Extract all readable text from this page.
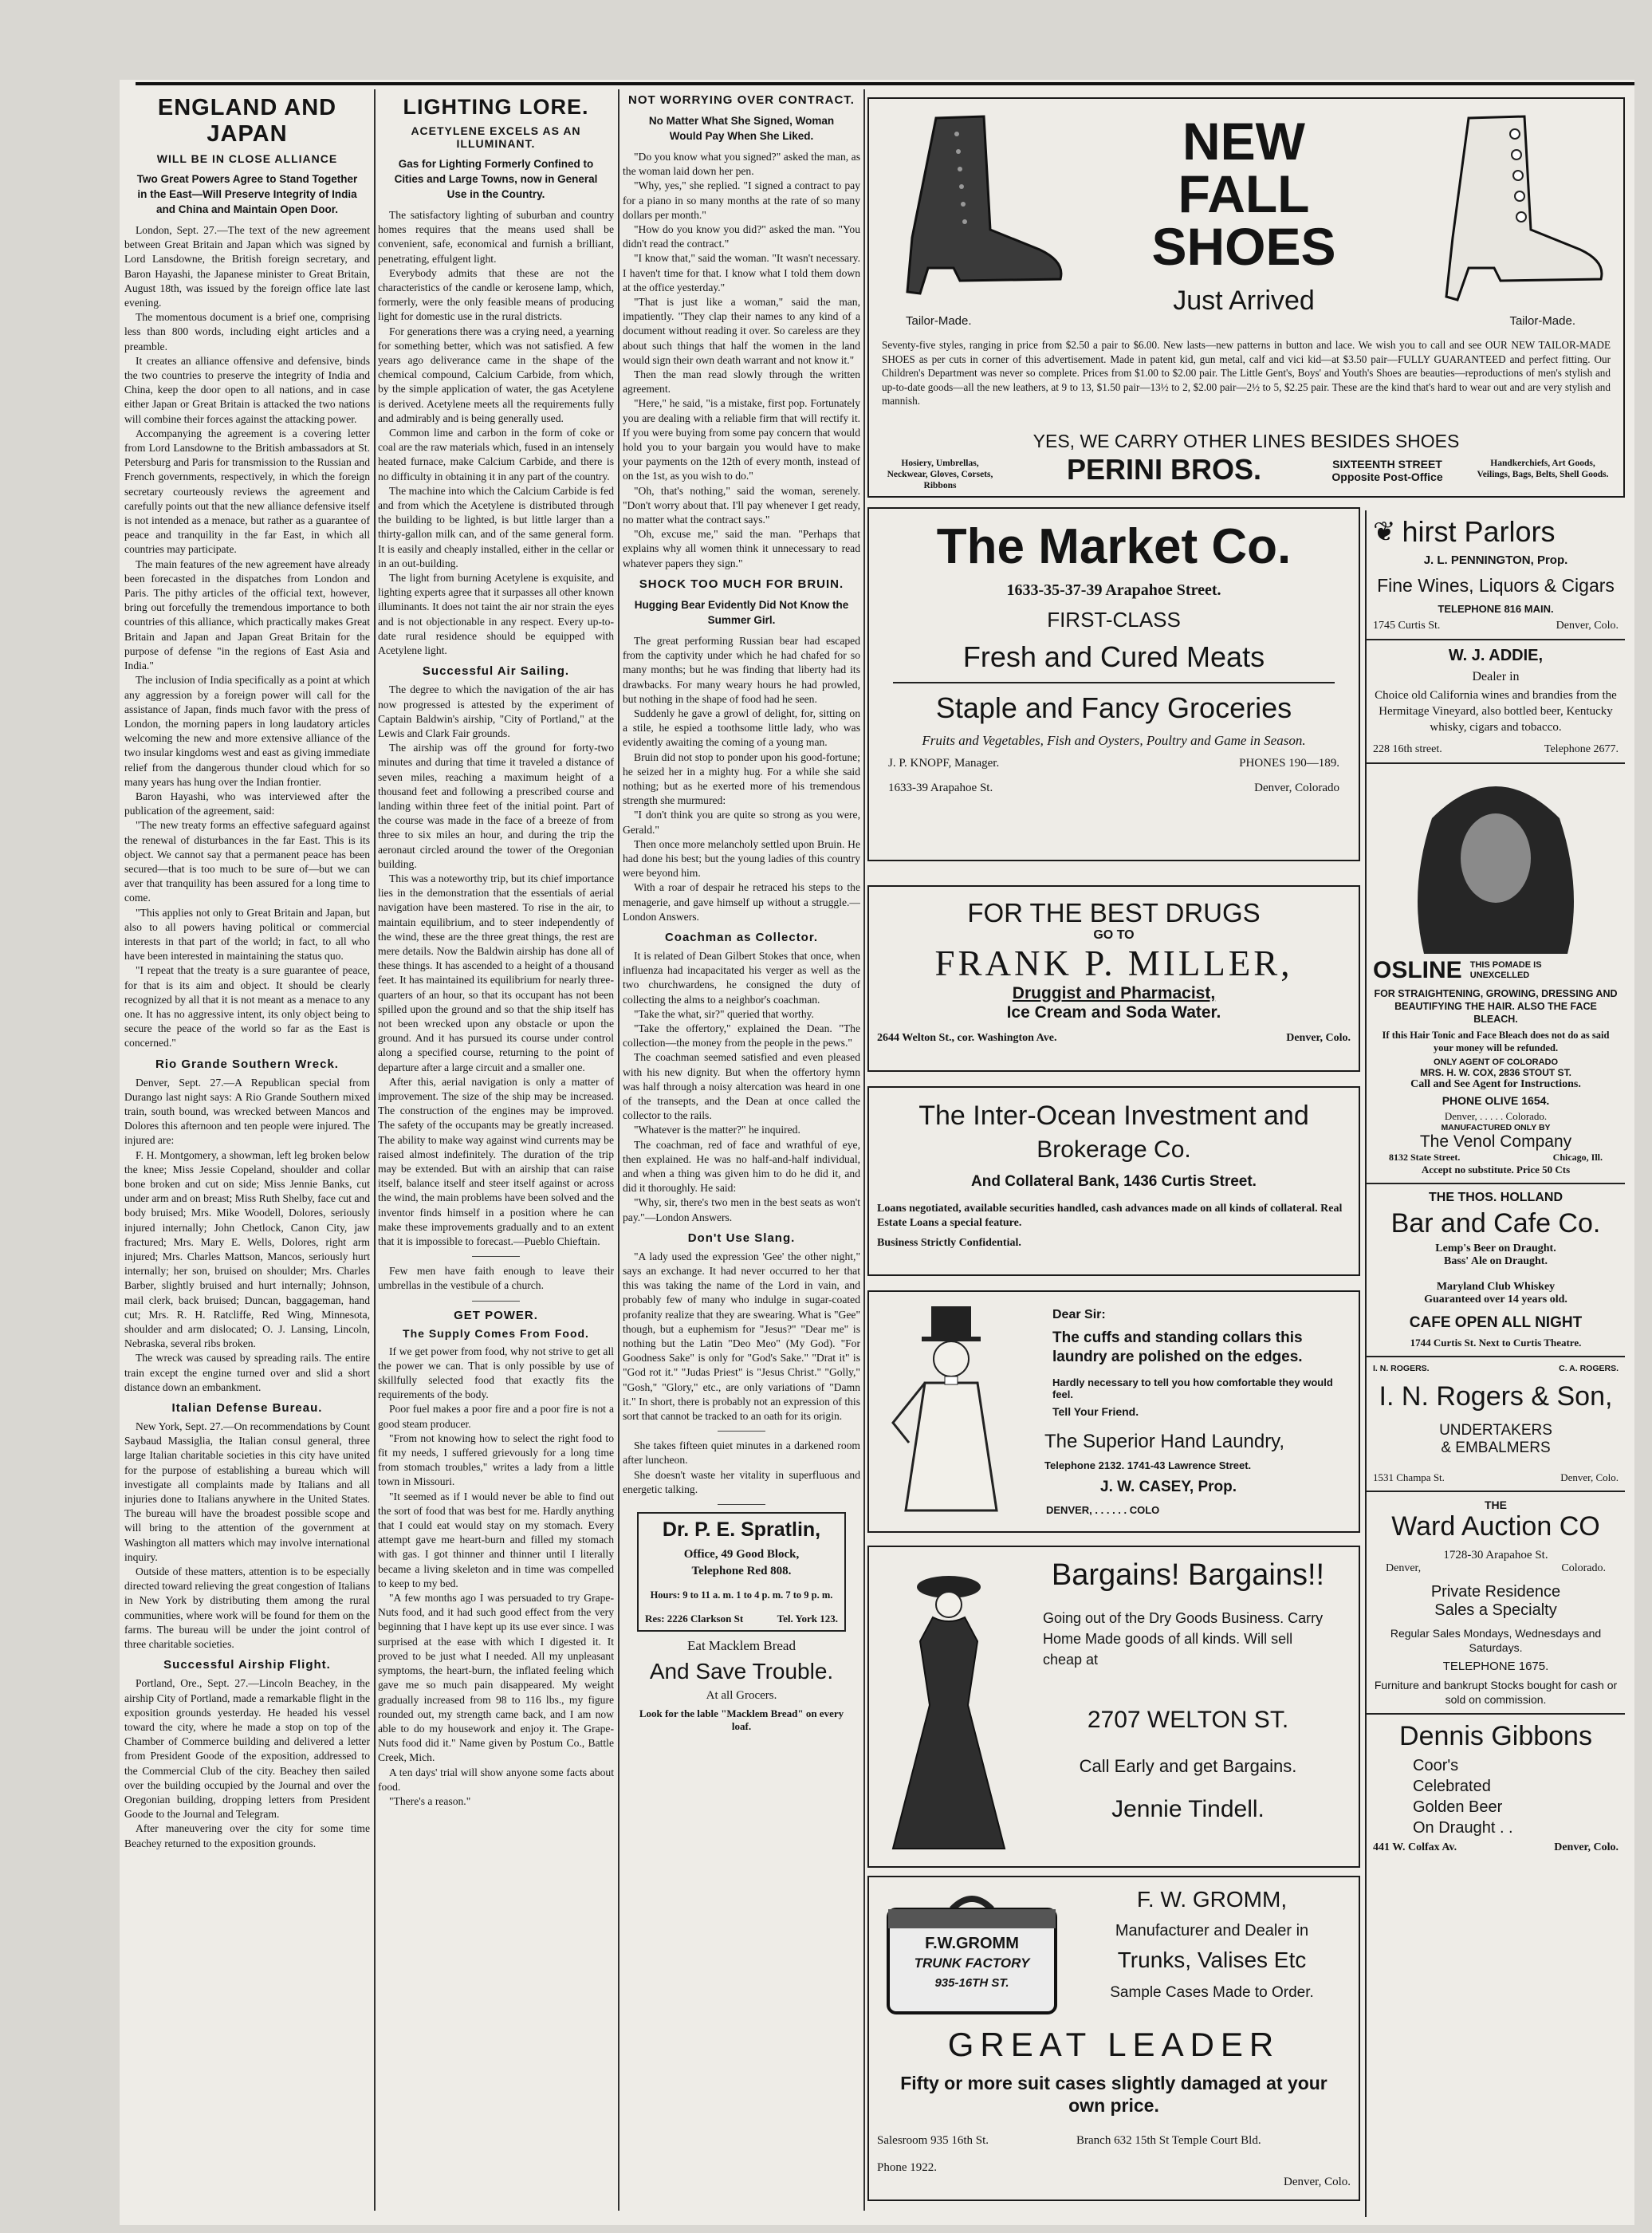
ENGLAND AND JAPAN
WILL BE IN CLOSE ALLIANCE
Two Great Powers Agree to Stand Together in the East—Will Preserve Integrity of India and China and Maintain Open Door.

London, Sept. 27.—The text of the new agreement between Great Britain and Japan which was signed by Lord Lansdowne, the British foreign secretary, and Baron Hayashi, the Japanese minister to Great Britain, August 18th, was issued by the foreign office late last evening.

The momentous document is a brief one, comprising less than 800 words, including eight articles and a preamble.

It creates an alliance offensive and defensive, binds the two countries to preserve the integrity of India and China, keep the door open to all nations, and in case either Japan or Great Britain is attacked the two nations will combine their forces against the attacking power.

Accompanying the agreement is a covering letter from Lord Lansdowne to the British ambassadors at St. Petersburg and Paris for transmission to the Russian and French governments, respectively, in which the foreign secretary courteously reviews the agreement and carefully points out that the new alliance defensive itself is not intended as a menace, but rather as a guarantee of peace and tranquility in the far East, in which all countries may participate.

The main features of the new agreement have already been forecasted in the dispatches from London and Paris. The pithy articles of the official text, however, bring out forcefully the tremendous importance to both countries of this alliance, which practically makes Great Britain and Japan and Japan Great Britain for the purpose of defense "in the regions of East Asia and India."

The inclusion of India specifically as a point at which any aggression by a foreign power will call for the assistance of Japan, finds much favor with the press of London, the morning papers in long laudatory articles welcoming the new and more extensive alliance of the two insular kingdoms west and east as giving immediate relief from the dangerous thunder cloud which for so many years has hung over the Indian frontier.

Baron Hayashi, who was interviewed after the publication of the agreement, said:

"The new treaty forms an effective safeguard against the renewal of disturbances in the far East. This is its object. We cannot say that a permanent peace has been secured—that is too much to be sure of—but we can aver that tranquility has been assured for a long time to come.

"This applies not only to Great Britain and Japan, but also to all powers having political or commercial interests in that part of the world; in fact, to all who have been interested in maintaining the status quo.

"I repeat that the treaty is a sure guarantee of peace, for that is its aim and object. It should be clearly recognized by all that it is not meant as a menace to any one. It has no aggressive intent, its only object being to secure the peace of the world so far as the East is concerned."

Rio Grande Southern Wreck.

Denver, Sept. 27.—A Republican special from Durango last night says: A Rio Grande Southern mixed train, south bound, was wrecked between Mancos and Dolores this afternoon and ten people were injured. The injured are:

F. H. Montgomery, a showman, left leg broken below the knee; Miss Jessie Copeland, shoulder and collar bone broken and cut on side; Miss Jennie Banks, cut under arm and on breast; Miss Ruth Shelby, face cut and body bruised; Mrs. Mike Woodell, Dolores, seriously injured internally; John Chetlock, Canon City, jaw fractured; Mrs. Mary E. Wells, Dolores, right arm injured; Mrs. Charles Mattson, Mancos, seriously hurt internally; her son, bruised on shoulder; Mrs. Charles Barber, slightly bruised and hurt internally; Johnson, mail clerk, back bruised; Duncan, baggageman, hand cut; Mrs. R. H. Ratcliffe, Red Wing, Minnesota, shoulder and arm dislocated; O. J. Lansing, Lincoln, Nebraska, several ribs broken.

The wreck was caused by spreading rails. The entire train except the engine turned over and slid a short distance down an embankment.

Italian Defense Bureau.

New York, Sept. 27.—On recommendations by Count Saybaud Massiglia, the Italian consul general, three large Italian charitable societies in this city have united for the purpose of establishing a bureau which will investigate all complaints made by Italians and all injuries done to Italians anywhere in the United States. The bureau will have the broadest possible scope and will bring to the attention of the government at Washington all matters which may involve international inquiry.

Outside of these matters, attention is to be especially directed toward relieving the great congestion of Italians in New York by distributing them among the rural communities, where work will be found for them on the farms. The bureau will be under the joint control of three charitable societies.

Successful Airship Flight.

Portland, Ore., Sept. 27.—Lincoln Beachey, in the airship City of Portland, made a remarkable flight in the exposition grounds yesterday. He headed his vessel toward the city, where he made a stop on top of the Chamber of Commerce building and delivered a letter from President Goode of the exposition, addressed to the Commercial Club of the city. Beachey then sailed over the building occupied by the Journal and over the Oregonian building, dropping letters from President Goode to the Journal and Telegram.

After maneuvering over the city for some time Beachey returned to the exposition grounds.

LIGHTING LORE.
ACETYLENE EXCELS AS AN ILLUMINANT.
Gas for Lighting Formerly Confined to Cities and Large Towns, now in General Use in the Country.

The satisfactory lighting of suburban and country homes requires that the means used shall be convenient, safe, economical and furnish a brilliant, penetrating, effulgent light.

Everybody admits that these are not the characteristics of the candle or kerosene lamp, which, formerly, were the only feasible means of producing light for domestic use in the rural districts.

For generations there was a crying need, a yearning for something better, which was not satisfied. A few years ago deliverance came in the shape of the chemical compound, Calcium Carbide, from which, by the simple application of water, the gas Acetylene is derived. Acetylene meets all the requirements fully and admirably and is being generally used.

Common lime and carbon in the form of coke or coal are the raw materials which, fused in an intensely heated furnace, make Calcium Carbide, and there is no difficulty in obtaining it in any part of the country.

The machine into which the Calcium Carbide is fed and from which the Acetylene is distributed through the building to be lighted, is but little larger than a thirty-gallon milk can, and of the same general form. It is easily and cheaply installed, either in the cellar or in an out-building.

The light from burning Acetylene is exquisite, and lighting experts agree that it surpasses all other known illuminants. It does not taint the air nor strain the eyes and is not objectionable in any respect. Every up-to-date rural residence should be equipped with Acetylene light.

Successful Air Sailing.

The degree to which the navigation of the air has now progressed is attested by the experiment of Captain Baldwin's airship, "City of Portland," at the Lewis and Clark Fair grounds.

The airship was off the ground for forty-two minutes and during that time it traveled a distance of seven miles, reaching a maximum height of a thousand feet and following a prescribed course and landing within three feet of the initial point. Part of the course was made in the face of a breeze of from three to six miles an hour, and during the trip the aeronaut circled around the tower of the Oregonian building.

This was a noteworthy trip, but its chief importance lies in the demonstration that the essentials of aerial navigation have been mastered. To rise in the air, to maintain equilibrium, and to steer independently of the wind, these are the three great things, the rest are mere details. Now the Baldwin airship has done all of these things. It has ascended to a height of a thousand feet. It has maintained its equilibrium for nearly three-quarters of an hour, so that its occupant has not been spilled upon the ground and so that the ship itself has not been wrecked upon any obstacle or upon the ground. And it has pursued its course under control along a specified course, returning to the point of departure after a large circuit and a smaller one.

After this, aerial navigation is only a matter of improvement. The size of the ship may be increased. The construction of the engines may be improved. The safety of the occupants may be greatly increased. The ability to make way against wind currents may be raised almost indefinitely. The duration of the trip may be extended. But with an airship that can raise itself, balance itself and steer itself against or across the wind, the main problems have been solved and the inventor finds himself in a position where he can make these improvements gradually and to an extent that it is impossible to forecast.—Pueblo Chieftain.

Few men have faith enough to leave their umbrellas in the vestibule of a church.

GET POWER.
The Supply Comes From Food.

If we get power from food, why not strive to get all the power we can. That is only possible by use of skillfully selected food that exactly fits the requirements of the body.

Poor fuel makes a poor fire and a poor fire is not a good steam producer.

"From not knowing how to select the right food to fit my needs, I suffered grievously for a long time from stomach troubles," writes a lady from a little town in Missouri.

"It seemed as if I would never be able to find out the sort of food that was best for me. Hardly anything that I could eat would stay on my stomach. Every attempt gave me heart-burn and filled my stomach with gas. I got thinner and thinner until I literally became a living skeleton and in time was compelled to keep to my bed.

"A few months ago I was persuaded to try Grape-Nuts food, and it had such good effect from the very beginning that I have kept up its use ever since. I was surprised at the ease with which I digested it. It proved to be just what I needed. All my unpleasant symptoms, the heart-burn, the inflated feeling which gave me so much pain disappeared. My weight gradually increased from 98 to 116 lbs., my figure rounded out, my strength came back, and I am now able to do my housework and enjoy it. The Grape-Nuts food did it." Name given by Postum Co., Battle Creek, Mich.

A ten days' trial will show anyone some facts about food.

"There's a reason."

NOT WORRYING OVER CONTRACT.
No Matter What She Signed, Woman Would Pay When She Liked.

"Do you know what you signed?" asked the man, as the woman laid down her pen.

"Why, yes," she replied. "I signed a contract to pay for a piano in so many months at the rate of so many dollars per month."

"How do you know you did?" asked the man. "You didn't read the contract."

"I know that," said the woman. "It wasn't necessary. I haven't time for that. I know what I told them down at the office yesterday."

"That is just like a woman," said the man, impatiently. "They clap their names to any kind of a document without reading it over. So careless are they about such things that half the women in the land would sign their own death warrant and not know it."

Then the man read slowly through the written agreement.

"Here," he said, "is a mistake, first pop. Fortunately you are dealing with a reliable firm that will rectify it. If you were buying from some pay concern that would hold you to your bargain you would have to make your payments on the 12th of every month, instead of on the 1st, as you wish to do."

"Oh, that's nothing," said the woman, serenely. "Don't worry about that. I'll pay whenever I get ready, no matter what the contract says."

"Oh, excuse me," said the man. "Perhaps that explains why all women think it unnecessary to read whatever papers they sign."

SHOCK TOO MUCH FOR BRUIN.
Hugging Bear Evidently Did Not Know the Summer Girl.

The great performing Russian bear had escaped from the captivity under which he had chafed for so many months; but he was finding that liberty had its drawbacks. For many weary hours he had prowled, but nothing in the shape of food had he seen.

Suddenly he gave a growl of delight, for, sitting on a stile, he espied a toothsome little lady, who was evidently awaiting the coming of a young man.

Bruin did not stop to ponder upon his good-fortune; he seized her in a mighty hug. For a while she said nothing; but as he exerted more of his tremendous strength she murmured:

"I don't think you are quite so strong as you were, Gerald."

Then once more melancholy settled upon Bruin. He had done his best; but the young ladies of this country were beyond him.

With a roar of despair he retraced his steps to the menagerie, and gave himself up without a struggle.—London Answers.

Coachman as Collector.

It is related of Dean Gilbert Stokes that once, when influenza had incapacitated his verger as well as the two churchwardens, he consigned the duty of collecting the alms to a neighbor's coachman.

"Take the what, sir?" queried that worthy.

"Take the offertory," explained the Dean. "The collection—the money from the people in the pews."

The coachman seemed satisfied and even pleased with his new dignity. But when the offertory hymn was half through a noisy altercation was heard in one of the transepts, and the Dean at once called the collector to the rails.

"Whatever is the matter?" he inquired.

The coachman, red of face and wrathful of eye, then explained. He was no half-and-half individual, and when a thing was given him to do he did it, and did it thoroughly. He said:

"Why, sir, there's two men in the best seats as won't pay."—London Answers.

Don't Use Slang.

"A lady used the expression 'Gee' the other night," says an exchange. It had never occurred to her that this was taking the name of the Lord in vain, and probably few of many who indulge in sugar-coated profanity realize that they are swearing. What is "Gee" though, but a euphemism for "Jesus?" "Dear me" is nothing but the Latin "Deo Meo" (My God). "For Goodness Sake" is only for "God's Sake." "Drat it" is "God rot it." "Judas Priest" is "Jesus Christ." "Golly," "Gosh," "Glory," etc., are only variations of "Damn it." In short, there is probably not an expression of this sort that cannot be tracked to an oath for its origin.

She takes fifteen quiet minutes in a darkened room after luncheon.

She doesn't waste her vitality in superfluous and energetic talking.

Dr. P. E. Spratlin,
Office, 49 Good Block,
Telephone Red 808.
Hours: 9 to 11 a. m. 1 to 4 p. m. 7 to 9 p. m.
Res: 2226 Clarkson St	Tel. York 123.
Eat Macklem Bread
And Save Trouble.
At all Grocers.
Look for the lable "Macklem Bread" on every loaf.
Tailor-Made.	Tailor-Made.
NEW
FALL
SHOES
Just Arrived
Seventy-five styles, ranging in price from $2.50 a pair to $6.00. New lasts—new patterns in button and lace. We wish you to call and see OUR NEW TAILOR-MADE SHOES as per cuts in corner of this advertisement. Made in patent kid, gun metal, calf and vici kid—at $3.50 pair—FULLY GUARANTEED and perfect fitting. Our Children's Department was never so complete. Prices from $1.00 to $2.00 pair. The Little Gent's, Boys' and Youth's Shoes are beauties—reproductions of men's stylish and up-to-date goods—all the new leathers, at 9 to 13, $1.50 pair—13½ to 2, $2.00 pair—2½ to 5, $2.25 pair. These are the kind that's hard to wear out and are very stylish and mannish.
YES, WE CARRY OTHER LINES BESIDES SHOES
Hosiery, Umbrellas, Neckwear, Gloves, Corsets, Ribbons	PERINI BROS.	SIXTEENTH STREET
Opposite Post-Office
Handkerchiefs, Art Goods, Veilings, Bags, Belts, Shell Goods.
The Market Co.
1633-35-37-39 Arapahoe Street.
FIRST-CLASS
Fresh and Cured Meats
Staple and Fancy Groceries
Fruits and Vegetables, Fish and Oysters, Poultry and Game in Season.
J. P. KNOPF, Manager.	PHONES 190—189.
1633-39 Arapahoe St.	Denver, Colorado
FOR THE BEST DRUGS
GO TO
FRANK P. MILLER,
Druggist and Pharmacist,
Ice Cream and Soda Water.
2644 Welton St., cor. Washington Ave.	Denver, Colo.
The Inter-Ocean Investment and
Brokerage Co.
And Collateral Bank, 1436 Curtis Street.
Loans negotiated, available securities handled, cash advances made on all kinds of collateral. Real Estate Loans a special feature.
Business Strictly Confidential.
Dear Sir:
The cuffs and standing collars this laundry are polished on the edges.
Hardly necessary to tell you how comfortable they would feel.
Tell Your Friend.
The Superior Hand Laundry,
Telephone 2132. 1741-43 Lawrence Street.
J. W. CASEY, Prop.
DENVER, . . . . . . COLO
Bargains! Bargains!!
Going out of the Dry Goods Business. Carry Home Made goods of all kinds. Will sell cheap at
2707 WELTON ST.
Call Early and get Bargains.
Jennie Tindell.
F.W.GROMM
TRUNK FACTORY
935-16TH ST.
F. W. GROMM,
Manufacturer and Dealer in
Trunks, Valises Etc
Sample Cases Made to Order.
GREAT LEADER
Fifty or more suit cases slightly damaged at your own price.
Salesroom 935 16th St.	Branch 632 15th St Temple Court Bld.
Phone 1922.
Denver, Colo.
❦ hirst Parlors
J. L. PENNINGTON, Prop.
Fine Wines, Liquors & Cigars
TELEPHONE 816 MAIN.
1745 Curtis St.	Denver, Colo.
W. J. ADDIE,
Dealer in
Choice old California wines and brandies from the Hermitage Vineyard, also bottled beer, Kentucky whisky, cigars and tobacco.
228 16th street.	Telephone 2677.
OSLINE THIS POMADE IS UNEXCELLED
FOR STRAIGHTENING, GROWING, DRESSING AND BEAUTIFYING THE HAIR. ALSO THE FACE BLEACH.
If this Hair Tonic and Face Bleach does not do as said your money will be refunded.
ONLY AGENT OF COLORADO
MRS. H. W. COX, 2836 STOUT ST.
Call and See Agent for Instructions.
PHONE OLIVE 1654.
Denver, . . . . . Colorado.
MANUFACTURED ONLY BY
The Venol Company
8132 State Street.	Chicago, Ill.
Accept no substitute. Price 50 Cts
THE THOS. HOLLAND
Bar and Cafe Co.
Lemp's Beer on Draught.
Bass' Ale on Draught.
Maryland Club Whiskey
Guaranteed over 14 years old.
CAFE OPEN ALL NIGHT
1744 Curtis St. Next to Curtis Theatre.
I. N. ROGERS.	C. A. ROGERS.
I. N. Rogers & Son,
UNDERTAKERS
& EMBALMERS
1531 Champa St.	Denver, Colo.
THE
Ward Auction CO
1728-30 Arapahoe St.
Denver,	Colorado.
Private Residence
Sales a Specialty
Regular Sales Mondays, Wednesdays and Saturdays.
TELEPHONE 1675.
Furniture and bankrupt Stocks bought for cash or sold on commission.
Dennis Gibbons
Coor's
Celebrated
Golden Beer
On Draught . .
441 W. Colfax Av.	Denver, Colo.
